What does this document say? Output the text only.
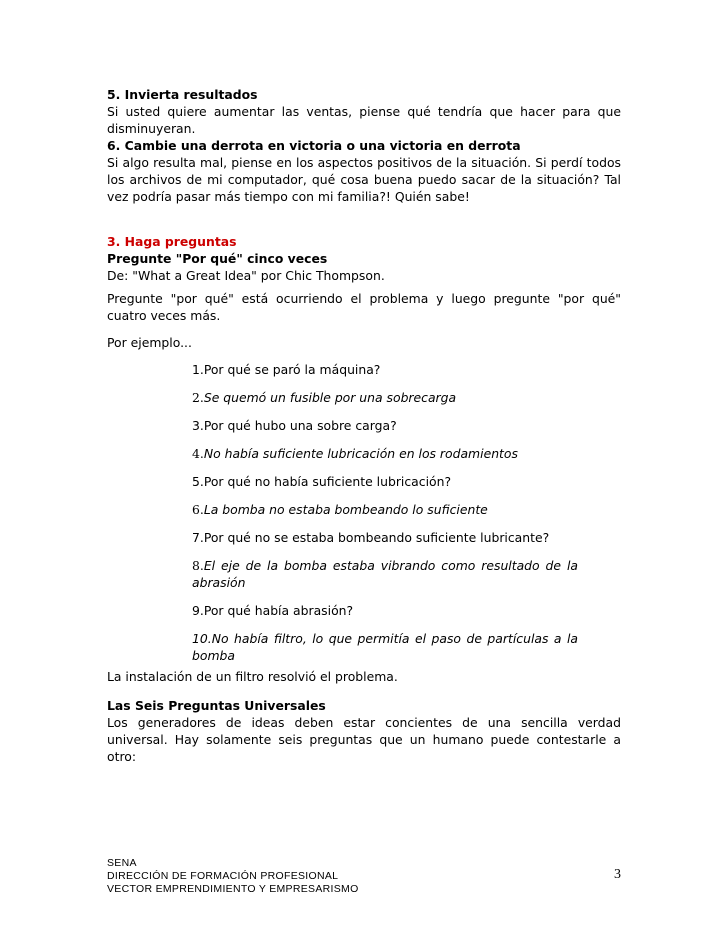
5. Invierta resultados

Si usted quiere aumentar las ventas, piense qué tendría que hacer para que disminuyeran.

6. Cambie una derrota en victoria o una victoria en derrota

Si algo resulta mal, piense en los aspectos positivos de la situación. Si perdí todos los archivos de mi computador, qué cosa buena puedo sacar de la situación? Tal vez podría pasar más tiempo con mi familia?! Quién sabe!

3. Haga preguntas

Pregunte "Por qué" cinco veces

De: "What a Great Idea" por Chic Thompson.

Pregunte "por qué" está ocurriendo el problema y luego pregunte "por qué" cuatro veces más.

Por ejemplo...

1.Por qué se paró la máquina?

2.Se quemó un fusible por una sobrecarga

3.Por qué hubo una sobre carga?

4.No había suficiente lubricación en los rodamientos

5.Por qué no había suficiente lubricación?

6.La bomba no estaba bombeando lo suficiente

7.Por qué no se estaba bombeando suficiente lubricante?

8.El eje de la bomba estaba vibrando como resultado de la abrasión

9.Por qué había abrasión?

10.No había filtro, lo que permitía el paso de partículas a la bomba

La instalación de un filtro resolvió el problema.

Las Seis Preguntas Universales

Los generadores de ideas deben estar concientes de una sencilla verdad universal. Hay solamente seis preguntas que un humano puede contestarle a otro:

SENA
DIRECCIÓN DE FORMACIÓN PROFESIONAL
VECTOR EMPRENDIMIENTO Y EMPRESARISMO
3
